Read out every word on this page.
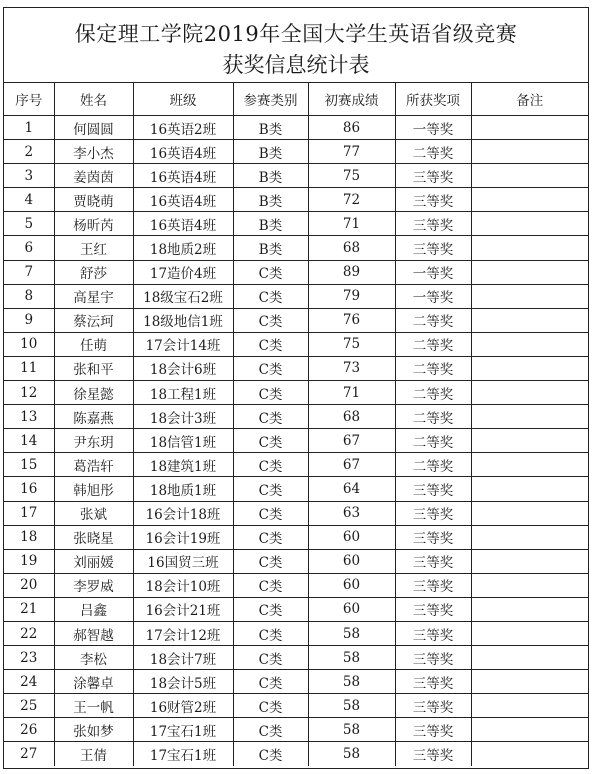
保定理工学院2019年全国大学生英语省级竞赛
获奖信息统计表
序号	姓名	班级	参赛类别	初赛成绩	所获奖项	备注
1	何圆圆	16英语2班	B类	86	一等奖	
2	李小杰	16英语4班	B类	77	二等奖	
3	姜茵茵	16英语4班	B类	75	三等奖	
4	贾晓萌	16英语4班	B类	72	三等奖	
5	杨昕芮	16英语4班	B类	71	三等奖	
6	王红	18地质2班	B类	68	三等奖	
7	舒莎	17造价4班	C类	89	一等奖	
8	高星宇	18级宝石2班	C类	79	一等奖	
9	蔡沄珂	18级地信1班	C类	76	二等奖	
10	任萌	17会计14班	C类	75	二等奖	
11	张和平	18会计6班	C类	73	二等奖	
12	徐星懿	18工程1班	C类	71	二等奖	
13	陈嘉燕	18会计3班	C类	68	二等奖	
14	尹东玥	18信管1班	C类	67	二等奖	
15	葛浩轩	18建筑1班	C类	67	二等奖	
16	韩旭彤	18地质1班	C类	64	三等奖	
17	张斌	16会计18班	C类	63	三等奖	
18	张晓星	16会计19班	C类	60	三等奖	
19	刘丽媛	16国贸三班	C类	60	三等奖	
20	李罗威	18会计10班	C类	60	三等奖	
21	吕鑫	16会计21班	C类	60	三等奖	
22	郝智越	17会计12班	C类	58	三等奖	
23	李松	18会计7班	C类	58	三等奖	
24	涂馨卓	18会计5班	C类	58	三等奖	
25	王一帆	16财管2班	C类	58	三等奖	
26	张如梦	17宝石1班	C类	58	三等奖	
27	王倩	17宝石1班	C类	58	三等奖	
